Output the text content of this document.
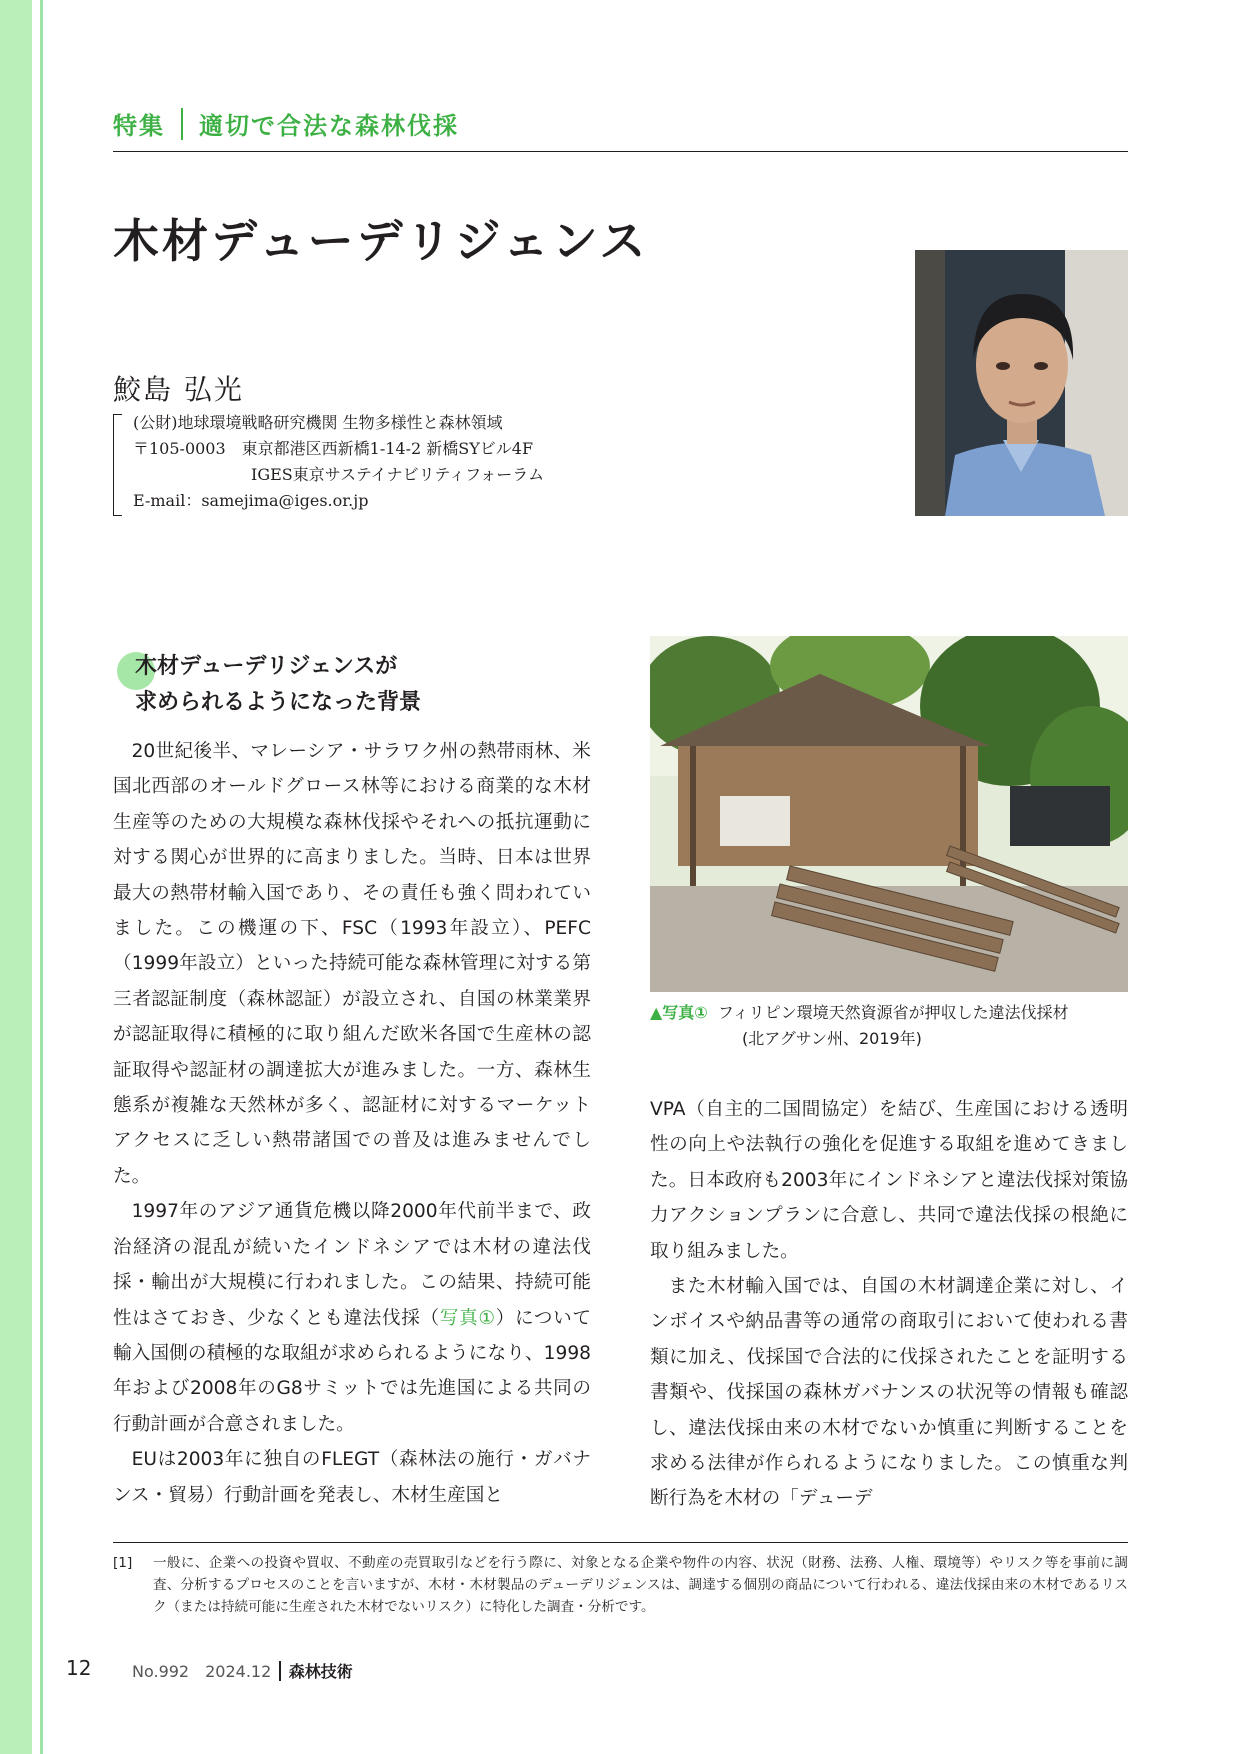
特集 適切で合法な森林伐採
木材デューデリジェンス
鮫島 弘光
(公財)地球環境戦略研究機関 生物多様性と森林領域
〒105-0003　東京都港区西新橋1-14-2 新橋SYビル4F
IGES東京サステイナビリティフォーラム
E-mail：samejima@iges.or.jp
木材デューデリジェンスが
求められるようになった背景

20世紀後半、マレーシア・サラワク州の熱帯雨林、米国北西部のオールドグロース林等における商業的な木材生産等のための大規模な森林伐採やそれへの抵抗運動に対する関心が世界的に高まりました。当時、日本は世界最大の熱帯材輸入国であり、その責任も強く問われていました。この機運の下、FSC（1993年設立）、PEFC（1999年設立）といった持続可能な森林管理に対する第三者認証制度（森林認証）が設立され、自国の林業業界が認証取得に積極的に取り組んだ欧米各国で生産林の認証取得や認証材の調達拡大が進みました。一方、森林生態系が複雑な天然林が多く、認証材に対するマーケットアクセスに乏しい熱帯諸国での普及は進みませんでした。

1997年のアジア通貨危機以降2000年代前半まで、政治経済の混乱が続いたインドネシアでは木材の違法伐採・輸出が大規模に行われました。この結果、持続可能性はさておき、少なくとも違法伐採（写真①）について輸入国側の積極的な取組が求められるようになり、1998年および2008年のG8サミットでは先進国による共同の行動計画が合意されました。

EUは2003年に独自のFLEGT（森林法の施行・ガバナンス・貿易）行動計画を発表し、木材生産国と

▲写真① フィリピン環境天然資源省が押収した違法伐採材
(北アグサン州、2019年)

VPA（自主的二国間協定）を結び、生産国における透明性の向上や法執行の強化を促進する取組を進めてきました。日本政府も2003年にインドネシアと違法伐採対策協力アクションプランに合意し、共同で違法伐採の根絶に取り組みました。

また木材輸入国では、自国の木材調達企業に対し、インボイスや納品書等の通常の商取引において使われる書類に加え、伐採国で合法的に伐採されたことを証明する書類や、伐採国の森林ガバナンスの状況等の情報も確認し、違法伐採由来の木材でないか慎重に判断することを求める法律が作られるようになりました。この慎重な判断行為を木材の「デューデ

[1] 一般に、企業への投資や買収、不動産の売買取引などを行う際に、対象となる企業や物件の内容、状況（財務、法務、人権、環境等）やリスク等を事前に調査、分析するプロセスのことを言いますが、木材・木材製品のデューデリジェンスは、調達する個別の商品について行われる、違法伐採由来の木材であるリスク（または持続可能に生産された木材でないリスク）に特化した調査・分析です。
12	No.992　2024.12 森林技術
